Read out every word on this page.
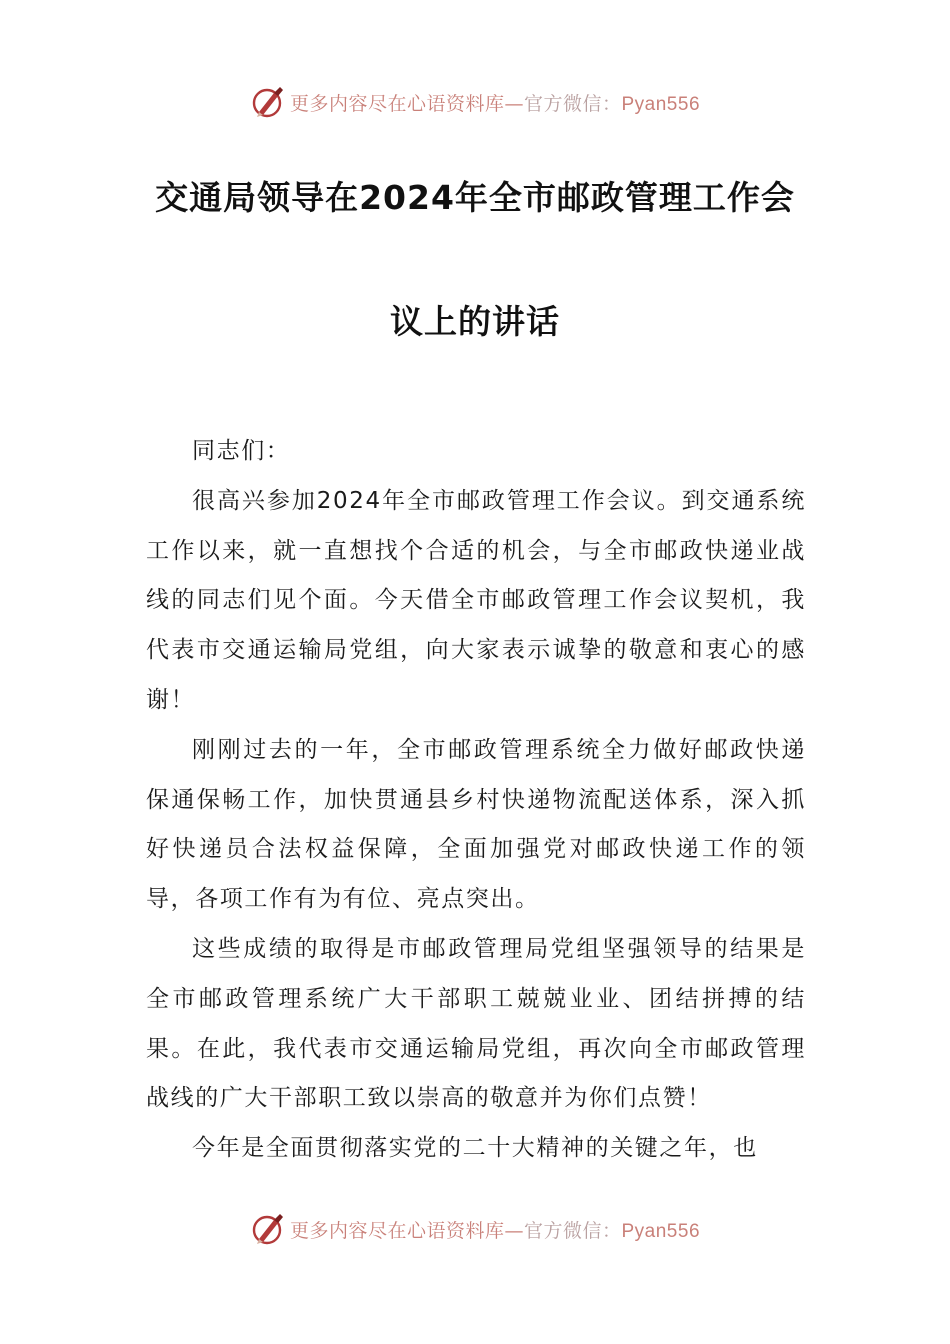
更多内容尽在心语资料库—官方微信：Pyan556
交通局领导在2024年全市邮政管理工作会
议上的讲话

同志们：

很高兴参加2024年全市邮政管理工作会议。到交通系统工作以来，就一直想找个合适的机会，与全市邮政快递业战线的同志们见个面。今天借全市邮政管理工作会议契机，我代表市交通运输局党组，向大家表示诚挚的敬意和衷心的感谢！

刚刚过去的一年，全市邮政管理系统全力做好邮政快递保通保畅工作，加快贯通县乡村快递物流配送体系，深入抓好快递员合法权益保障，全面加强党对邮政快递工作的领导，各项工作有为有位、亮点突出。

这些成绩的取得是市邮政管理局党组坚强领导的结果是全市邮政管理系统广大干部职工兢兢业业、团结拼搏的结果。在此，我代表市交通运输局党组，再次向全市邮政管理战线的广大干部职工致以崇高的敬意并为你们点赞！

今年是全面贯彻落实党的二十大精神的关键之年，也

更多内容尽在心语资料库—官方微信：Pyan556
